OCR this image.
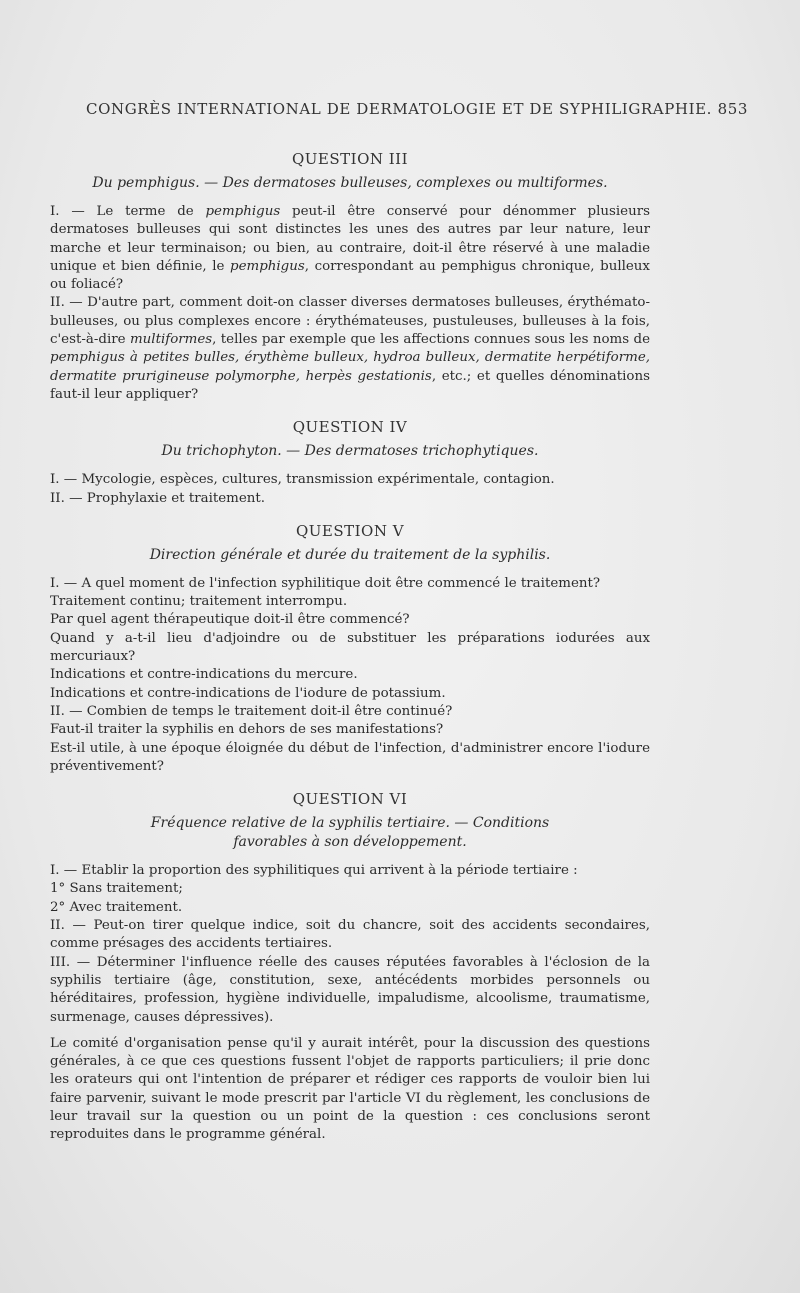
CONGRÈS INTERNATIONAL DE DERMATOLOGIE ET DE SYPHILIGRAPHIE. 853
QUESTION III
Du pemphigus. — Des dermatoses bulleuses, complexes ou multiformes.

I. — Le terme de pemphigus peut-il être conservé pour dénommer plusieurs dermatoses bulleuses qui sont distinctes les unes des autres par leur nature, leur marche et leur terminaison; ou bien, au contraire, doit-il être réservé à une maladie unique et bien définie, le pemphigus, correspondant au pemphigus chronique, bulleux ou foliacé?

II. — D'autre part, comment doit-on classer diverses dermatoses bulleuses, érythémato-bulleuses, ou plus complexes encore : érythémateuses, pustuleuses, bulleuses à la fois, c'est-à-dire multiformes, telles par exemple que les affections connues sous les noms de pemphigus à petites bulles, érythème bulleux, hydroa bulleux, dermatite herpétiforme, dermatite prurigineuse polymorphe, herpès gestationis, etc.; et quelles dénominations faut-il leur appliquer?

QUESTION IV
Du trichophyton. — Des dermatoses trichophytiques.

I. — Mycologie, espèces, cultures, transmission expérimentale, contagion.

II. — Prophylaxie et traitement.

QUESTION V
Direction générale et durée du traitement de la syphilis.

I. — A quel moment de l'infection syphilitique doit être commencé le traitement?

Traitement continu; traitement interrompu.

Par quel agent thérapeutique doit-il être commencé?

Quand y a-t-il lieu d'adjoindre ou de substituer les préparations iodurées aux mercuriaux?

Indications et contre-indications du mercure.

Indications et contre-indications de l'iodure de potassium.

II. — Combien de temps le traitement doit-il être continué?

Faut-il traiter la syphilis en dehors de ses manifestations?

Est-il utile, à une époque éloignée du début de l'infection, d'administrer encore l'iodure préventivement?

QUESTION VI
Fréquence relative de la syphilis tertiaire. — Conditions
favorables à son développement.

I. — Etablir la proportion des syphilitiques qui arrivent à la période tertiaire :

1° Sans traitement;

2° Avec traitement.

II. — Peut-on tirer quelque indice, soit du chancre, soit des accidents secondaires, comme présages des accidents tertiaires.

III. — Déterminer l'influence réelle des causes réputées favorables à l'éclosion de la syphilis tertiaire (âge, constitution, sexe, antécédents morbides personnels ou héréditaires, profession, hygiène individuelle, impaludisme, alcoolisme, traumatisme, surmenage, causes dépressives).

Le comité d'organisation pense qu'il y aurait intérêt, pour la discussion des questions générales, à ce que ces questions fussent l'objet de rapports particuliers; il prie donc les orateurs qui ont l'intention de préparer et rédiger ces rapports de vouloir bien lui faire parvenir, suivant le mode prescrit par l'article VI du règlement, les conclusions de leur travail sur la question ou un point de la question : ces conclusions seront reproduites dans le programme général.
